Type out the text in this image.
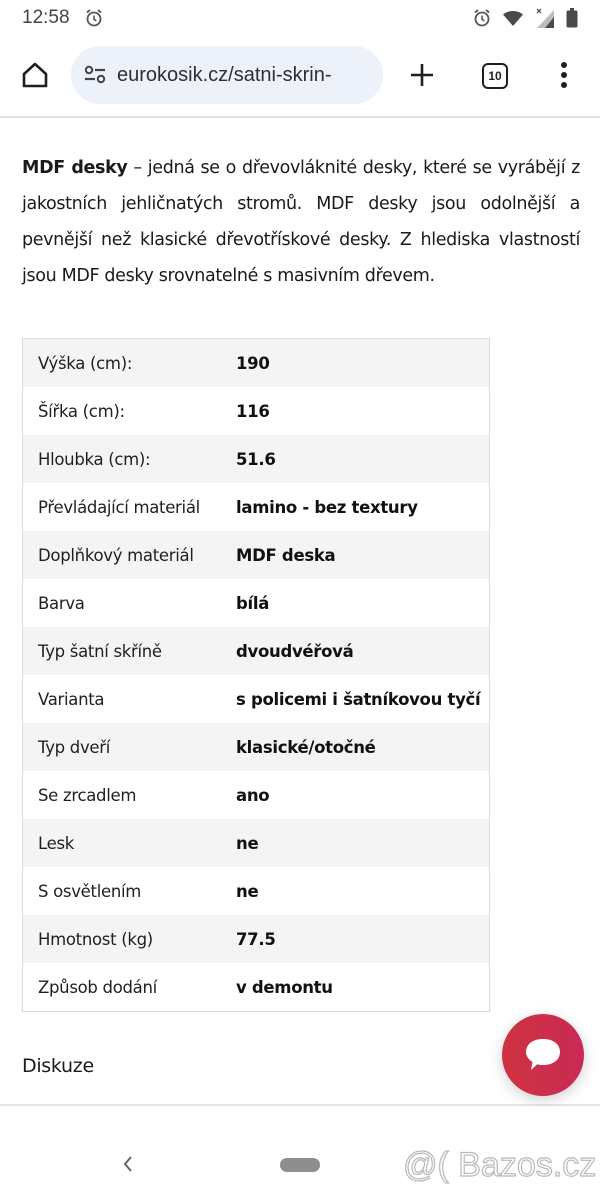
12:58
eurokosik.cz/satni-skrin-	10

MDF desky – jedná se o dřevovláknité desky, které se vyrábějí z jakostních jehličnatých stromů. MDF desky jsou odolnější a pevnější než klasické dřevotřískové desky. Z hlediska vlastností jsou MDF desky srovnatelné s masivním dřevem.

Výška (cm):	190
Šířka (cm):	116
Hloubka (cm):	51.6
Převládající materiál	lamino - bez textury
Doplňkový materiál	MDF deska
Barva	bílá
Typ šatní skříně	dvoudvéřová
Varianta	s policemi i šatníkovou tyčí
Typ dveří	klasické/otočné
Se zrcadlem	ano
Lesk	ne
S osvětlením	ne
Hmotnost (kg)	77.5
Způsob dodání	v demontu
Diskuze
@( Bazos.cz
